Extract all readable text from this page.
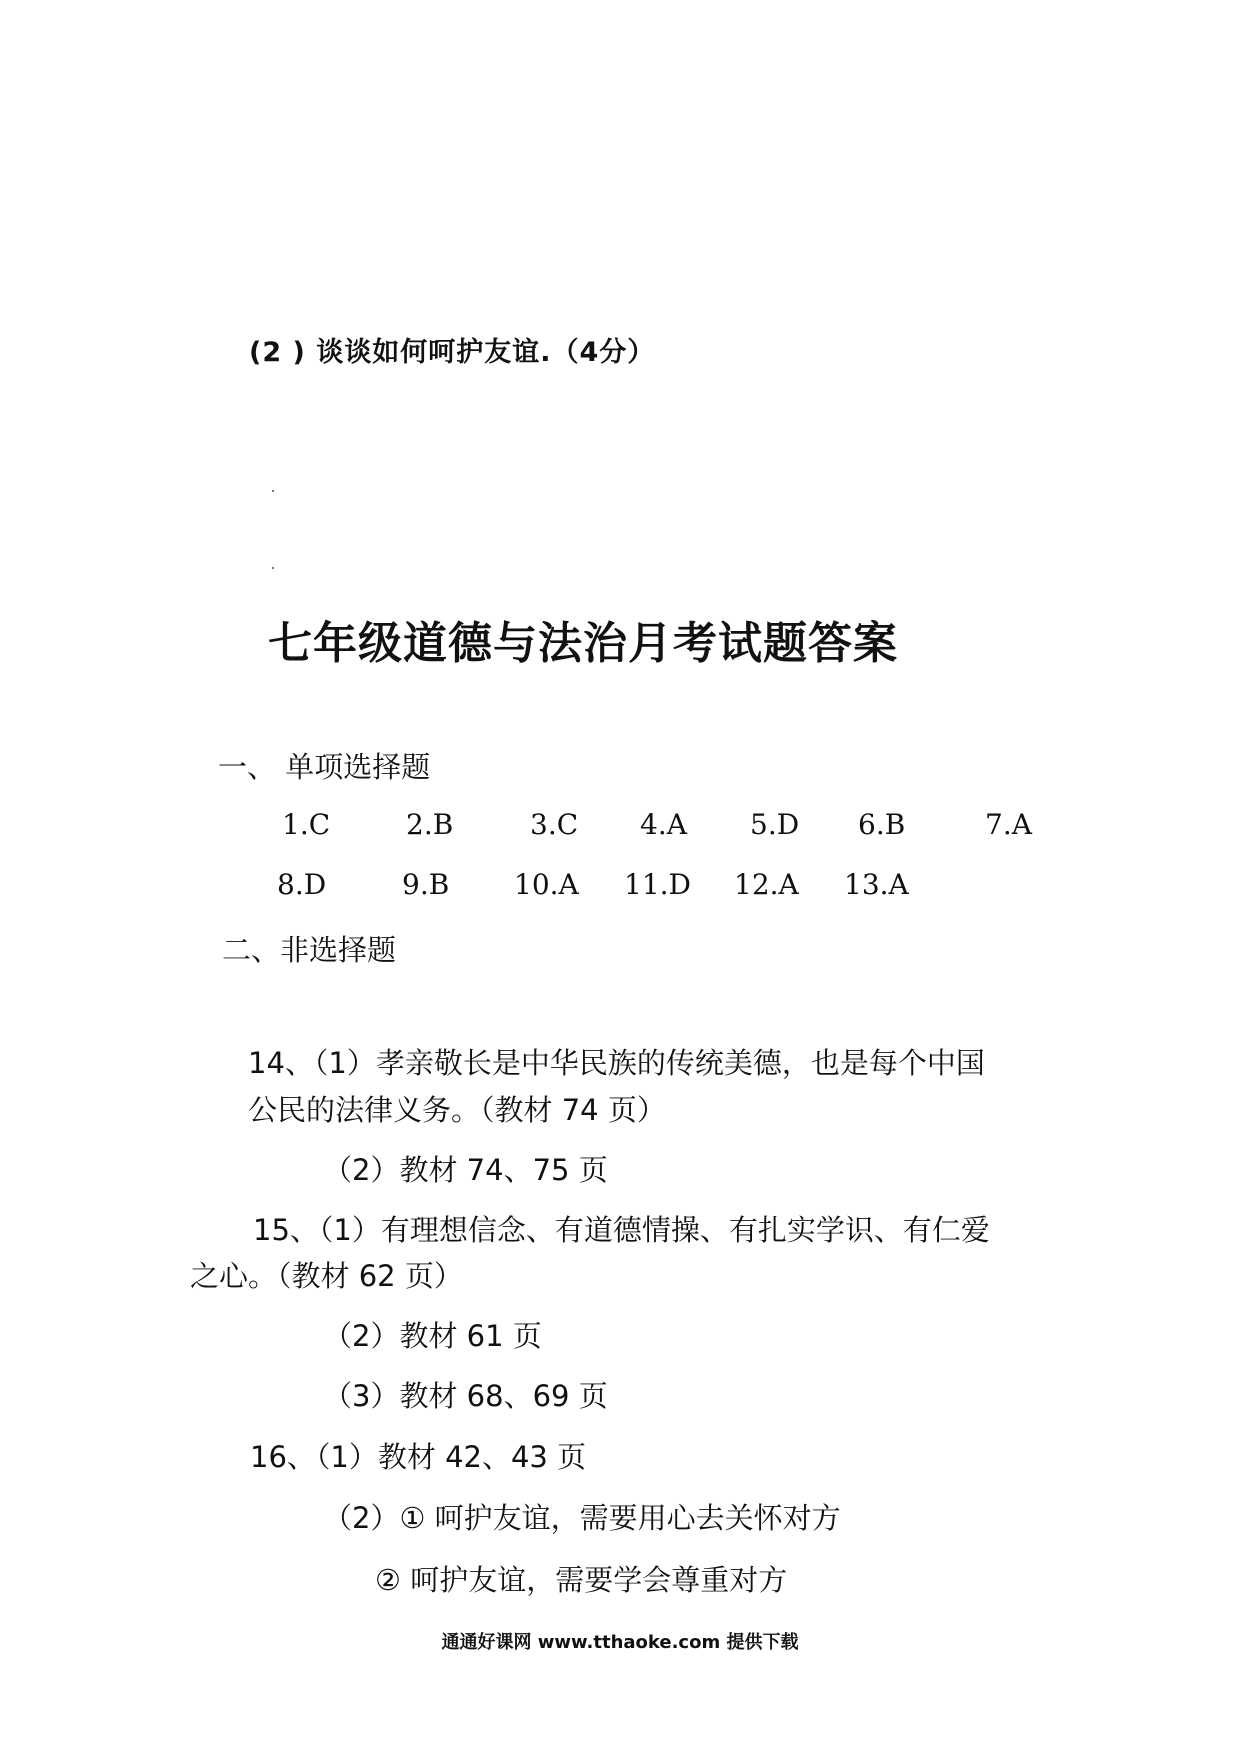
(2 ) 谈谈如何呵护友谊.（4分）
七年级道德与法治月考试题答案
一、 单项选择题
1.C	2.B	3.C 4.A 5.D 6.B	7.A
8.D	9.B 10.A 11.D 12.A 13.A
二、非选择题
14、（1）孝亲敬长是中华民族的传统美德，也是每个中国
公民的法律义务。（教材 74 页）
（2）教材 74、75 页
15、（1）有理想信念、有道德情操、有扎实学识、有仁爱
之心。（教材 62 页）
（2）教材 61 页
（3）教材 68、69 页
16、（1）教材 42、43 页
（2）① 呵护友谊，需要用心去关怀对方
② 呵护友谊，需要学会尊重对方
通通好课网 www.tthaoke.com 提供下载
